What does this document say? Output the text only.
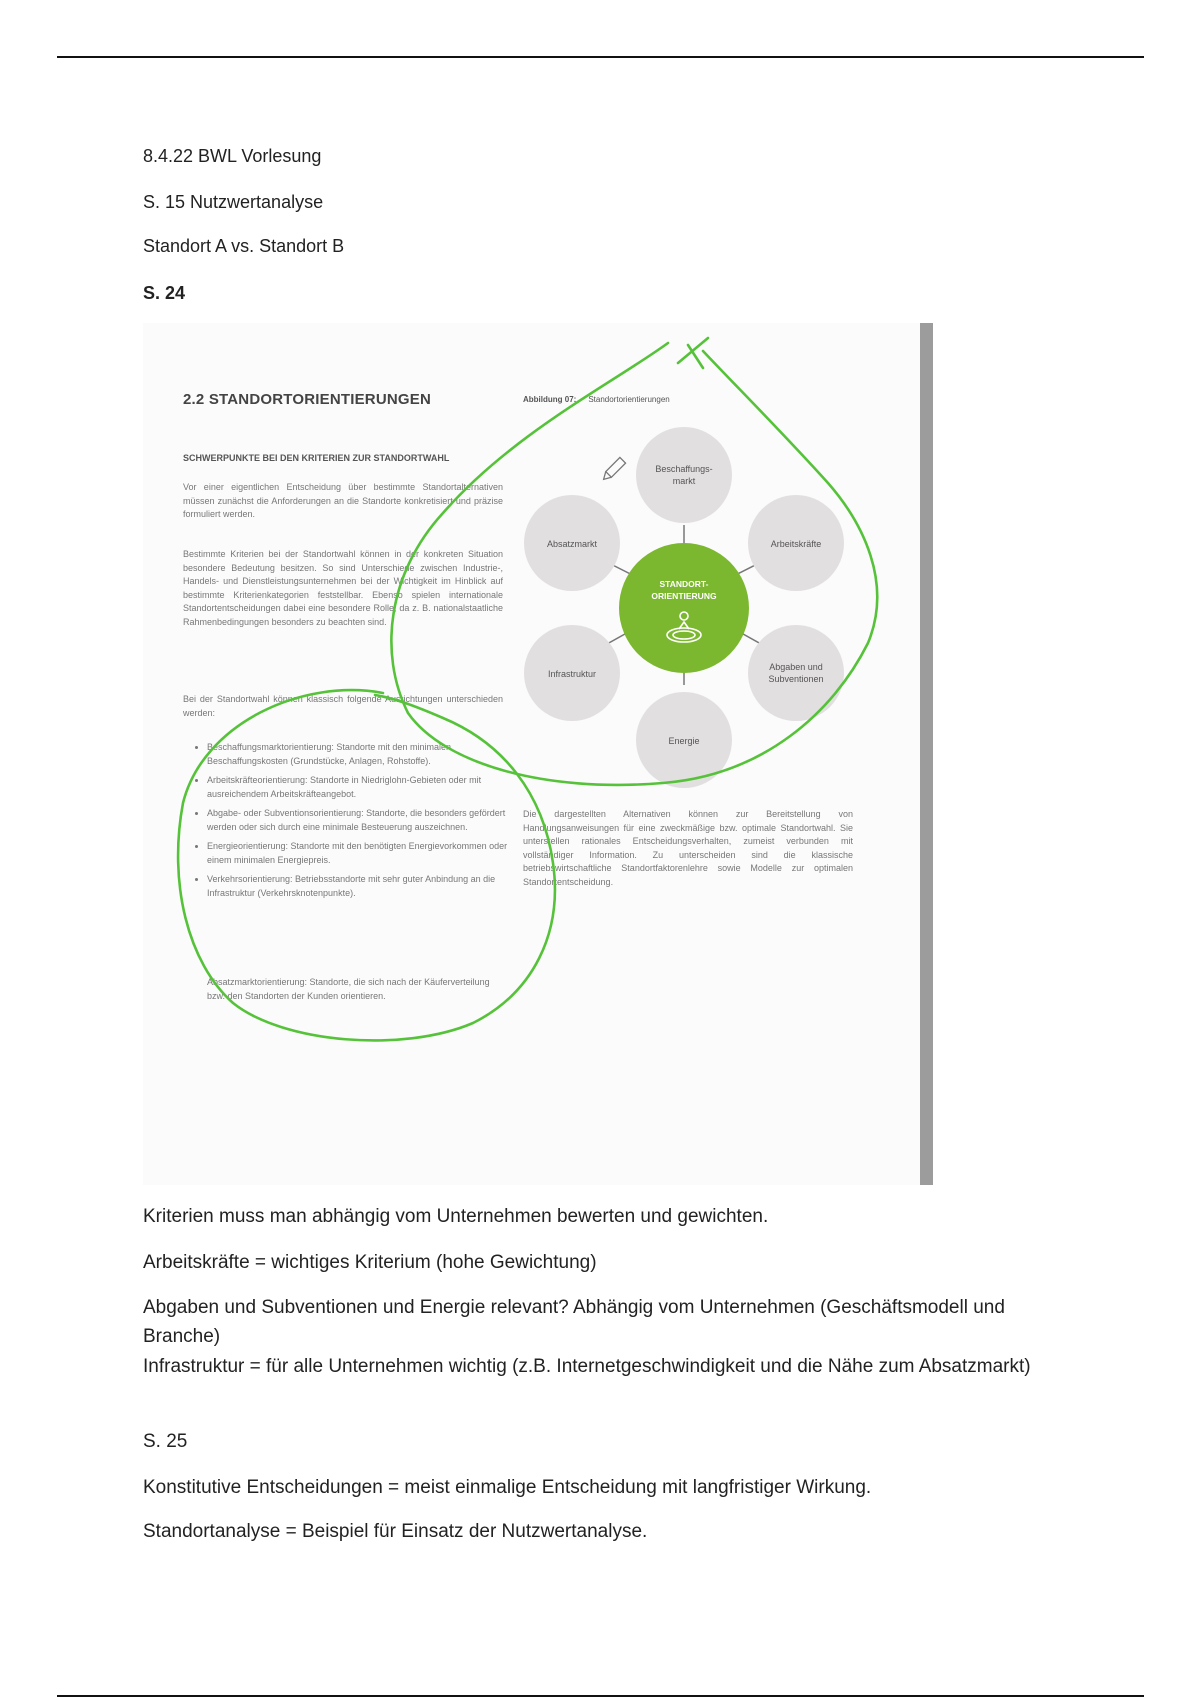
8.4.22 BWL Vorlesung
S. 15 Nutzwertanalyse
Standort A vs. Standort B
S. 24
2.2 STANDORTORIENTIERUNGEN
SCHWERPUNKTE BEI DEN KRITERIEN ZUR STANDORTWAHL
Vor einer eigentlichen Entscheidung über bestimmte Standortalternativen müssen zunächst die Anforderungen an die Standorte konkretisiert und präzise formuliert werden.
Bestimmte Kriterien bei der Standortwahl können in der konkreten Situation besondere Bedeutung besitzen. So sind Unterschiede zwischen Industrie-, Handels- und Dienstleistungsunternehmen bei der Wichtigkeit im Hinblick auf bestimmte Kriterienkategorien feststellbar. Ebenso spielen internationale Standortentscheidungen dabei eine besondere Rolle, da z. B. nationalstaatliche Rahmenbedingungen besonders zu beachten sind.
Bei der Standortwahl können klassisch folgende Ausrichtungen unterschieden werden:
• Beschaffungsmarktorientierung: Standorte mit den minimalen Beschaffungskosten (Grundstücke, Anlagen, Rohstoffe).
• Arbeitskräfteorientierung: Standorte in Niedriglohn-Gebieten oder mit ausreichendem Arbeitskräfteangebot.
• Abgabe- oder Subventionsorientierung: Standorte, die besonders gefördert werden oder sich durch eine minimale Besteuerung auszeichnen.
• Energieorientierung: Standorte mit den benötigten Energievorkommen oder einem minimalen Energiepreis.
• Verkehrsorientierung: Betriebsstandorte mit sehr guter Anbindung an die Infrastruktur (Verkehrsknotenpunkte).
Absatzmarktorientierung: Standorte, die sich nach der Käuferverteilung bzw. den Standorten der Kunden orientieren.
Abbildung 07: Standortorientierungen
Die dargestellten Alternativen können zur Bereitstellung von Handlungsanweisungen für eine zweckmäßige bzw. optimale Standortwahl. Sie unterstellen rationales Entscheidungsverhalten, zumeist verbunden mit vollständiger Information. Zu unterscheiden sind die klassische betriebswirtschaftliche Standortfaktorenlehre sowie Modelle zur optimalen Standortentscheidung.
STANDORT-
ORIENTIERUNG
Beschaffungs-
markt
Absatzmarkt	Arbeitskräfte
Infrastruktur
Abgaben und
Subventionen
Energie
Kriterien muss man abhängig vom Unternehmen bewerten und gewichten.
Arbeitskräfte = wichtiges Kriterium (hohe Gewichtung)
Abgaben und Subventionen und Energie relevant? Abhängig vom Unternehmen (Geschäftsmodell und Branche)
Infrastruktur = für alle Unternehmen wichtig (z.B. Internetgeschwindigkeit und die Nähe zum Absatzmarkt)
S. 25
Konstitutive Entscheidungen = meist einmalige Entscheidung mit langfristiger Wirkung.
Standortanalyse = Beispiel für Einsatz der Nutzwertanalyse.
